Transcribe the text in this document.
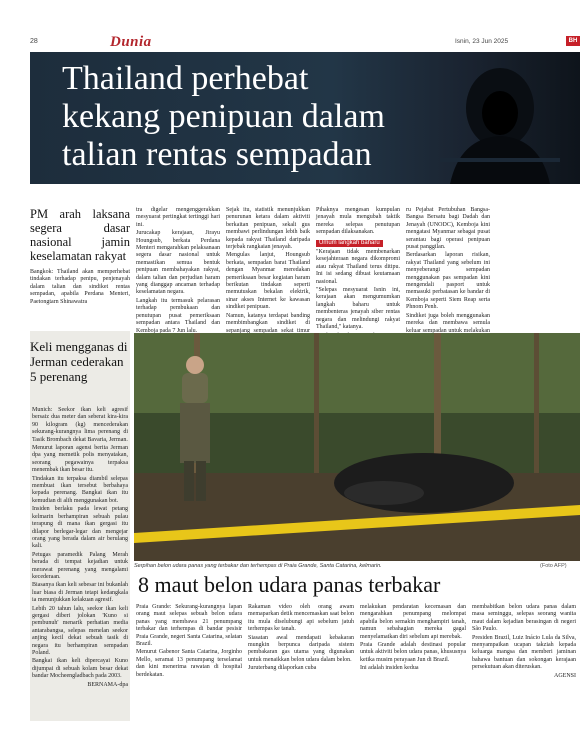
28	Dunia	Isnin, 23 Jun 2025	BH
Thailand perhebat
kekang penipuan dalam
talian rentas sempadan
PM arah laksana segera dasar nasional jamin keselamatan rakyat

Bangkok: Thailand akan memperhebat tindakan terhadap penipu, penjenayah dalam talian dan sindiket rentas sempadan, apabila Perdana Menteri, Paetongtarn Shinawatra

tra digelar mengenggerakkan mesyuarat pertingkat tertinggi hari ini.

Jurucakap kerajaan, Jirayu Houngsub, berkata Perdana Menteri mengarahkan pelaksanaan segera dasar nasional untuk memastikan semua bentuk penipuan membahayakan rakyat, dalam talian dan perjudian haram yang dianggap ancaman terhadap keselamatan negara.

Langkah itu termasuk pelarasan terhadap pembukaan dan penutupan pusat pemeriksaan sempadan antara Thailand dan Kemboja pada 7 Jun lalu.

Sejak itu, statistik menunjukkan penurunan ketara dalam aktiviti berkaitan penipuan, sekali gus membawi perlindungan lebih baik kepada rakyat Thailand daripada terjebak rangkaian jenayah.

Mengulas lanjut, Houngsub berkata, sempadan barat Thailand dengan Myanmar meredakan pemeriksaan besar kegiatan haram berikutan tindakan seperti memutuskan bekalan elektrik, sinar akses Internet ke kawasan sindiket penipuan.

Namun, katanya terdapat banding membimbangkan sindiket di sepanjang sempadan sekat timur

Pihaknya mengesan kumpulan jenayah mula mengubah taktik mereka selepas penutupan sempadan dilaksanakan.

Umum langkah baharu

"Kerajaan tidak membenarkan kesejahteraan negara dikompromi atau rakyat Thailand terus ditipu. Ini isi sedang dibuat keutamaan nasional.

"Selepas mesyuarat Isnin ini, kerajaan akan mengumumkan langkah baharu untuk membenteras jenayah siber rentas negara dan melindungi rakyat Thailand," katanya.

ru Pejabat Pertubuhan Bangsa-Bangsa Bersatu bagi Dadah dan Jenayah (UNODC), Kemboja kini mengatasi Myanmar sebagai pusat serantau bagi operasi penipuan pusat panggilan.

Berdasarkan laporan risikan, rakyat Thailand yang sebelum ini menyeberangi sempadan menggunakan pas sempadan kini mengendali pasport untuk memasuki perbatasan ke bandar di Kemboja seperti Siem Reap serta Phnom Penh.

Sindiket juga boleh menggunakan mereka dan membawa semula keluar sempadan untuk melakukan

Keli mengganas di Jerman cederakan 5 perenang

Munich: Seekor ikan keli agresif bersaiz dua meter dan seberat kira-kira 90 kilogram (kg) mencederakan sekurang-kurangnya lima perenang di Tasik Brombach dekat Bavaria, Jerman.

Menurut laporan agensi berita Jerman dpa yang memetik polis menyatakan, seorang pegawainya terpaksa menembak ikan besar itu.

Tindakan itu terpaksa diambil selepas membuat ikan tersebut berbahaya kepada perenang. Bangkai ikan itu kemudian di alih menggunakan bot.

Insiden berlaku pada lewat petang kelmarin berhampiran sebuah pulau terapung di mana ikan gergasi itu dilapor berlegar-legar dan mengejar orang yang berada dalam air berulang kali.

Petugas paramedik Palang Merah berada di tempat kejadian untuk merawat perenang yang mengalami kecederaan.

Biasanya ikan keli sebesar ini bukanlah luar biasa di Jerman tetapi kedangkala ia menunjukkan kelakuan agresif.

Lebih 20 tahun lalu, seekor ikan keli gergasi diberi jolokan 'Kuno si pembunuh' menarik perhatian media antarabangsa, selepas menelan seekor anjing kecil dekat sebuah tasik di negara itu berhampiran sempadan Poland.

Bangkai ikan keli dipercayai Kuno dijumpai di sebuah kolam besar dekat bandar Mocheengladbach pada 2003.

BERNAMA-dpa

Serpihan belon udara panas yang terbakar dan terhempas di Praia Grande, Santa Catarina, kelmarin.	(Foto AFP)
8 maut belon udara panas terbakar

Praia Grande: Sekurang-kurangnya lapan orang maut selepas sebuah belon udara panas yang membawa 21 penumpang terbakar dan terhempas di bandar pesisir Praia Grande, negeri Santa Catarina, selatan Brazil.

Menurut Gabenor Santa Catarina, Jorginho Mello, seramai 13 penumpang terselamat dan kini menerima rawatan di hospital berdekatan.

Rakaman video oleh orang awam memaparkan detik mencemaskan saat belon itu mula diselubungi api sebelum jatuh terhempas ke tanah.

Siasatan awal mendapati kebakaran mungkin berpunca daripada sistem pembakaran gas utama yang digunakan untuk menaikkan belon udara dalam belon.

Juruterbang dilaporkan cuba

melakukan pendaratan kecemasan dan mengarahkan penumpang melompat apabila belon semakin menghampiri tanah, namun sebahagian mereka gagal menyelamatkan diri sebelum api merebak.

Praia Grande adalah destinasi popular untuk aktiviti belon udara panas, khususnya ketika musim perayaan Jun di Brazil.

Ini adalah insiden kedua

membabitkan belon udara panas dalam masa seminggu, selepas seorang wanita maut dalam kejadian berasingan di negeri São Paulo.

Presiden Brazil, Luiz Inácio Lula da Silva, menyampaikan ucapan takziah kepada keluarga mangsa dan memberi jaminan bahawa bantuan dan sokongan kerajaan persekutuan akan diteruskan.

AGENSI
